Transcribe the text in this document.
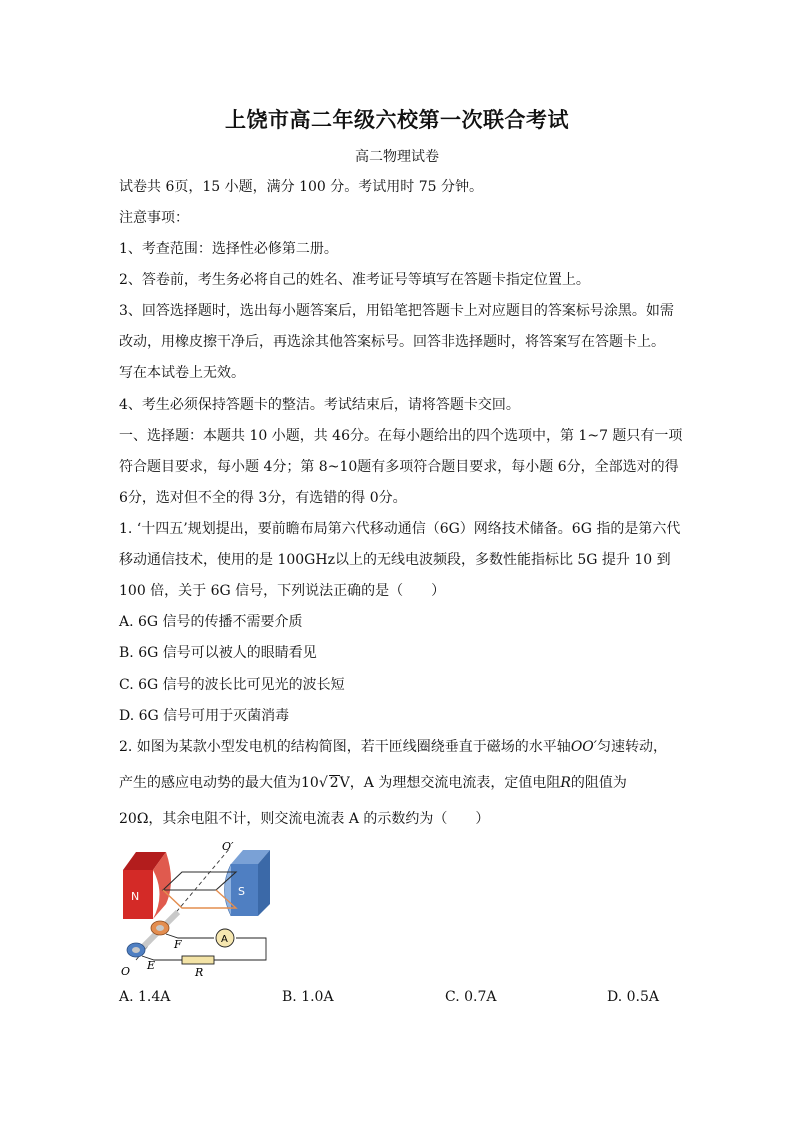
上饶市高二年级六校第一次联合考试
高二物理试卷
试卷共 6页，15 小题，满分 100 分。考试用时 75 分钟。
注意事项：
1、考查范围：选择性必修第二册。
2、答卷前，考生务必将自己的姓名、准考证号等填写在答题卡指定位置上。
3、回答选择题时，选出每小题答案后，用铅笔把答题卡上对应题目的答案标号涂黑。如需
改动，用橡皮擦干净后，再选涂其他答案标号。回答非选择题时，将答案写在答题卡上。
写在本试卷上无效。
4、考生必须保持答题卡的整洁。考试结束后，请将答题卡交回。
一、选择题：本题共 10 小题，共 46分。在每小题给出的四个选项中，第 1~7 题只有一项
符合题目要求，每小题 4分；第 8~10题有多项符合题目要求，每小题 6分，全部选对的得
6分，选对但不全的得 3分，有选错的得 0分。
1. ‘十四五’规划提出，要前瞻布局第六代移动通信（6G）网络技术储备。6G 指的是第六代
移动通信技术，使用的是 100GHz以上的无线电波频段，多数性能指标比 5G 提升 10 到
100 倍，关于 6G 信号，下列说法正确的是（　　）
A. 6G 信号的传播不需要介质
B. 6G 信号可以被人的眼睛看见
C. 6G 信号的波长比可见光的波长短
D. 6G 信号可用于灭菌消毒
2. 如图为某款小型发电机的结构简图，若干匝线圈绕垂直于磁场的水平轴OO′匀速转动，
产生的感应电动势的最大值为10√ 2V，A 为理想交流电流表，定值电阻R的阻值为
20Ω，其余电阻不计，则交流电流表 A 的示数约为（　　）
O′
N	S
F	A
O E
R
A. 1.4A	B. 1.0A	C. 0.7A	D. 0.5A
